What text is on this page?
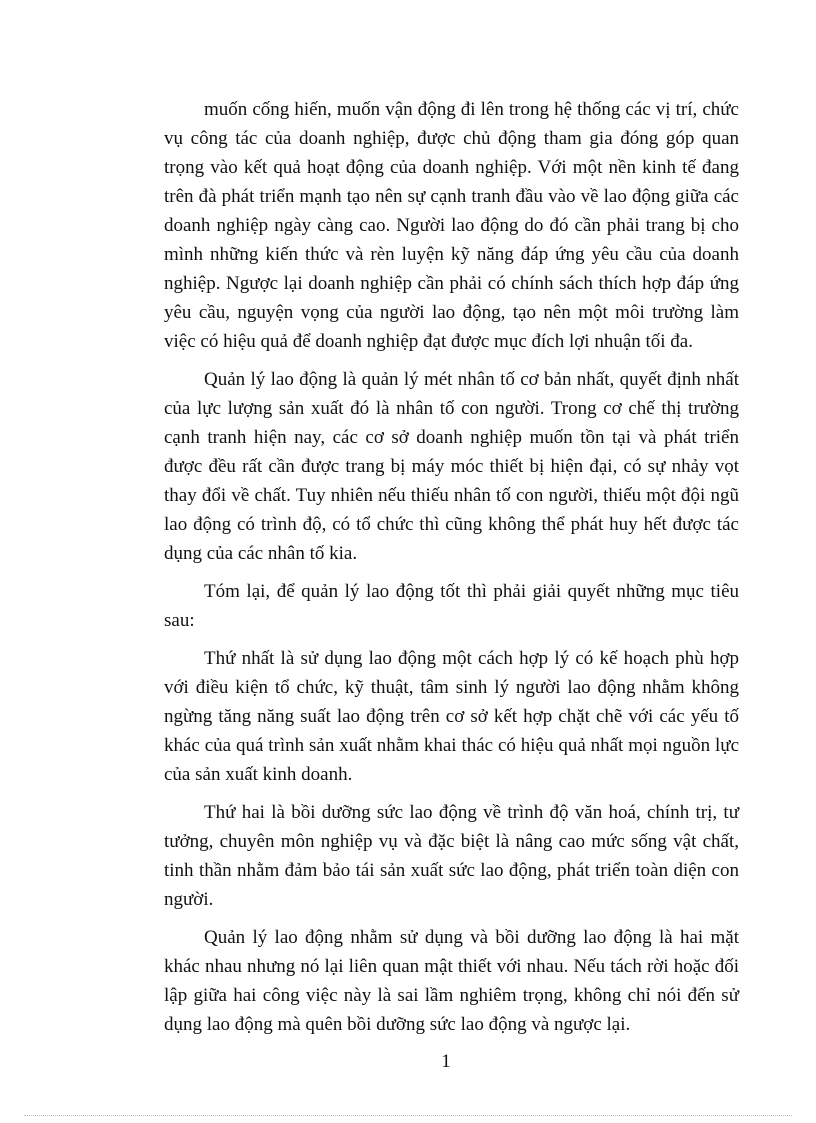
muốn cống hiến, muốn vận động đi lên trong hệ thống các vị trí, chức vụ công tác của doanh nghiệp, được chủ động tham gia đóng góp quan trọng vào kết quả hoạt động của doanh nghiệp. Với một nền kinh tế đang trên đà phát triển mạnh tạo nên sự cạnh tranh đầu vào về lao động giữa các doanh nghiệp ngày càng cao. Người lao động do đó cần phải trang bị cho mình những kiến thức và rèn luyện kỹ năng đáp ứng yêu cầu của doanh nghiệp. Ngược lại doanh nghiệp cần phải có chính sách thích hợp đáp ứng yêu cầu, nguyện vọng của người lao động, tạo nên một môi trường làm việc có hiệu quả để doanh nghiệp đạt được mục đích lợi nhuận tối đa.

Quản lý lao động là quản lý mét nhân tố cơ bản nhất, quyết định nhất của lực lượng sản xuất đó là nhân tố con người. Trong cơ chế thị trường cạnh tranh hiện nay, các cơ sở doanh nghiệp muốn tồn tại và phát triển được đều rất cần được trang bị máy móc thiết bị hiện đại, có sự nhảy vọt thay đổi về chất. Tuy nhiên nếu thiếu nhân tố con người, thiếu một đội ngũ lao động có trình độ, có tổ chức thì cũng không thể phát huy hết được tác dụng của các nhân tố kia.

Tóm lại, để quản lý lao động tốt thì phải giải quyết những mục tiêu sau:

Thứ nhất là sử dụng lao động một cách hợp lý có kế hoạch phù hợp với điều kiện tổ chức, kỹ thuật, tâm sinh lý người lao động nhằm không ngừng tăng năng suất lao động trên cơ sở kết hợp chặt chẽ với các yếu tố khác của quá trình sản xuất nhằm khai thác có hiệu quả nhất mọi nguồn lực của sản xuất kinh doanh.

Thứ hai là bồi dưỡng sức lao động về trình độ văn hoá, chính trị, tư tưởng, chuyên môn nghiệp vụ và đặc biệt là nâng cao mức sống vật chất, tinh thần nhằm đảm bảo tái sản xuất sức lao động, phát triển toàn diện con người.

Quản lý lao động nhằm sử dụng và bồi dưỡng lao động là hai mặt khác nhau nhưng nó lại liên quan mật thiết với nhau. Nếu tách rời hoặc đối lập giữa hai công việc này là sai lầm nghiêm trọng, không chỉ nói đến sử dụng lao động mà quên bồi dưỡng sức lao động và ngược lại.

1
